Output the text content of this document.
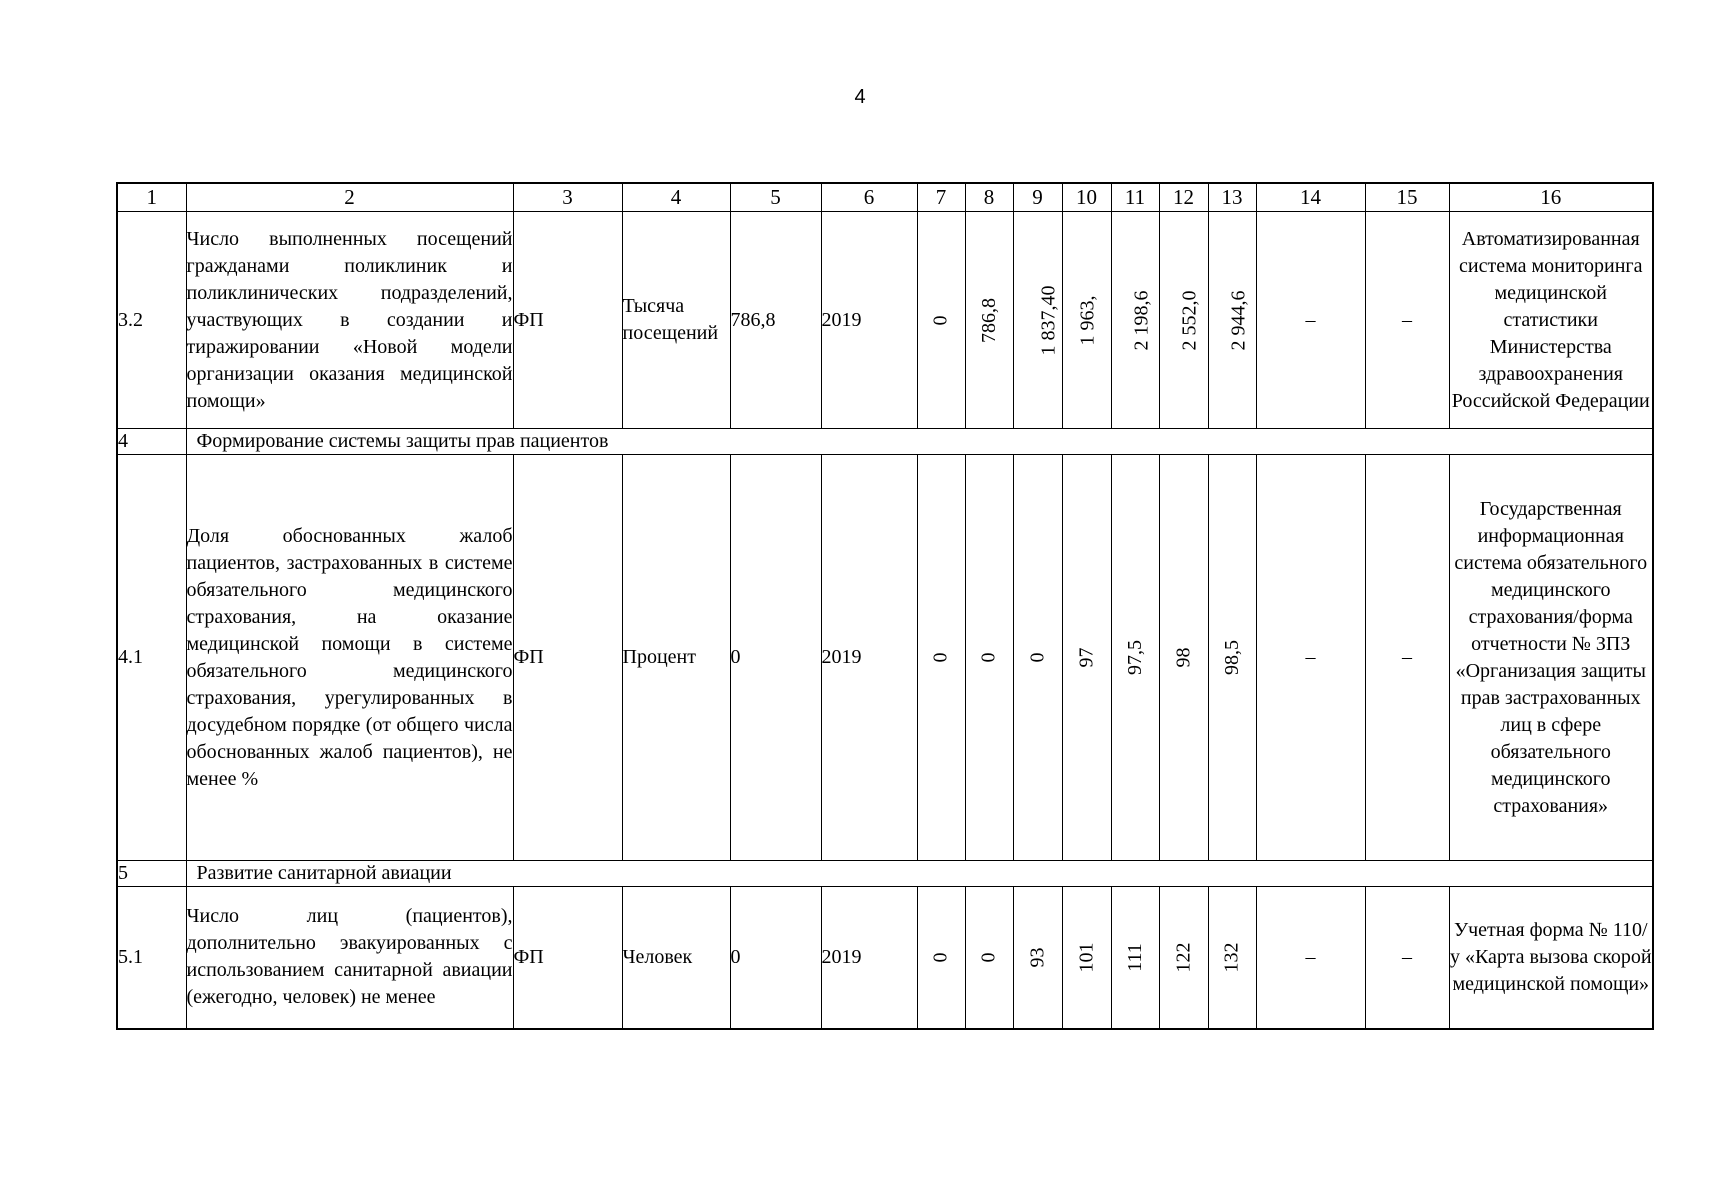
4
1	2	3	4	5	6	7	8	9	10	11	12	13	14	15	16
3.2	Число выполненных посещений гражданами поликлиник и поликлинических подразделений, участвующих в создании и тиражировании «Новой модели организации оказания медицинской помощи»	ФП	Тысяча посещений	786,8	2019	0	786,8	1 837,40	1 963,	2 198,6	2 552,0	2 944,6	–	–	Автоматизированная система мониторинга медицинской статистики Министерства здравоохранения Российской Федерации
4	Формирование системы защиты прав пациентов														
4.1	Доля обоснованных жалоб пациентов, застрахованных в системе обязательного медицинского страхования, на оказание медицинской помощи в системе обязательного медицинского страхования, урегулированных в досудебном порядке (от общего числа обоснованных жалоб пациентов), не менее %	ФП	Процент	0	2019	0	0	0	97	97,5	98	98,5	–	–	Государственная информационная система обязательного медицинского страхования/форма отчетности № ЗПЗ «Организация защиты прав застрахованных лиц в сфере обязательного медицинского страхования»
5	Развитие санитарной авиации														
5.1	Число лиц (пациентов), дополнительно эвакуированных с использованием санитарной авиации (ежегодно, человек) не менее	ФП	Человек	0	2019	0	0	93	101	111	122	132	–	–	Учетная форма № 110/у «Карта вызова скорой медицинской помощи»
